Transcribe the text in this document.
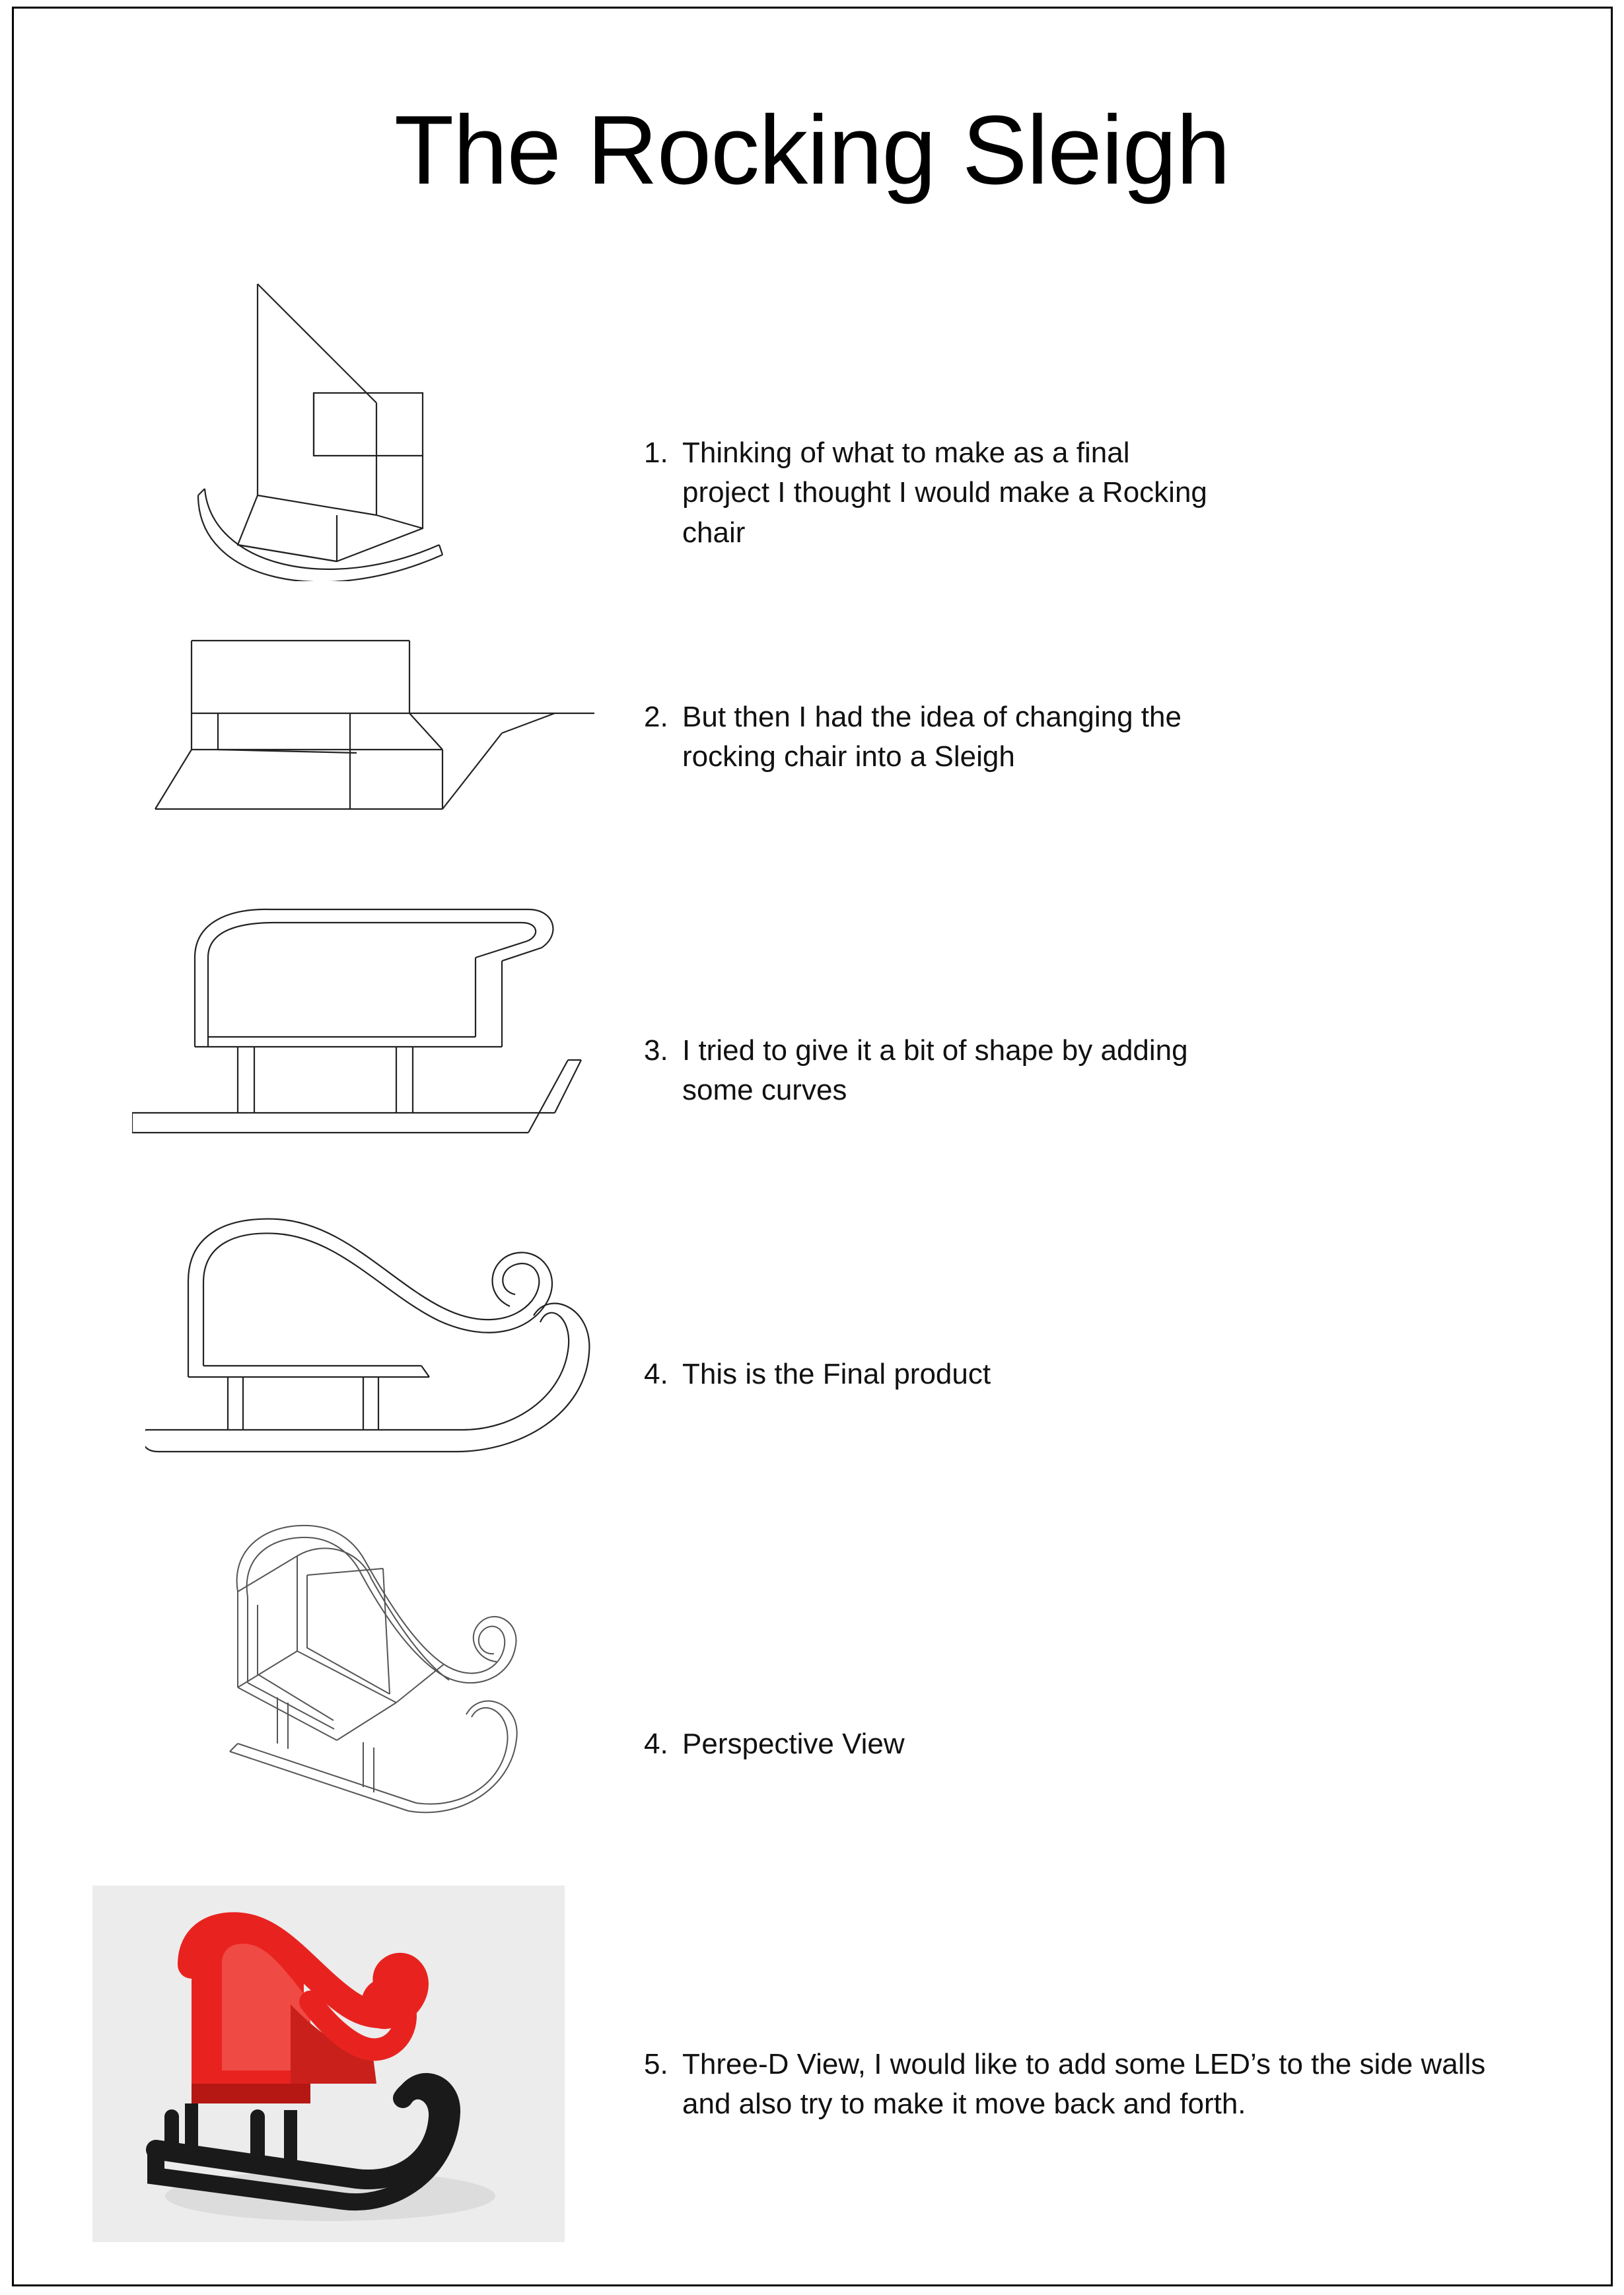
The Rocking Sleigh

1. Thinking of what to make as a final project I thought I would make a Rocking chair

2. But then I had the idea of changing the rocking chair into a Sleigh

3. I tried to give it a bit of shape by adding some curves

4. This is the Final product

4. Perspective View

5. Three-D View, I would like to add some LED’s to the side walls and also try to make it move back and forth.
